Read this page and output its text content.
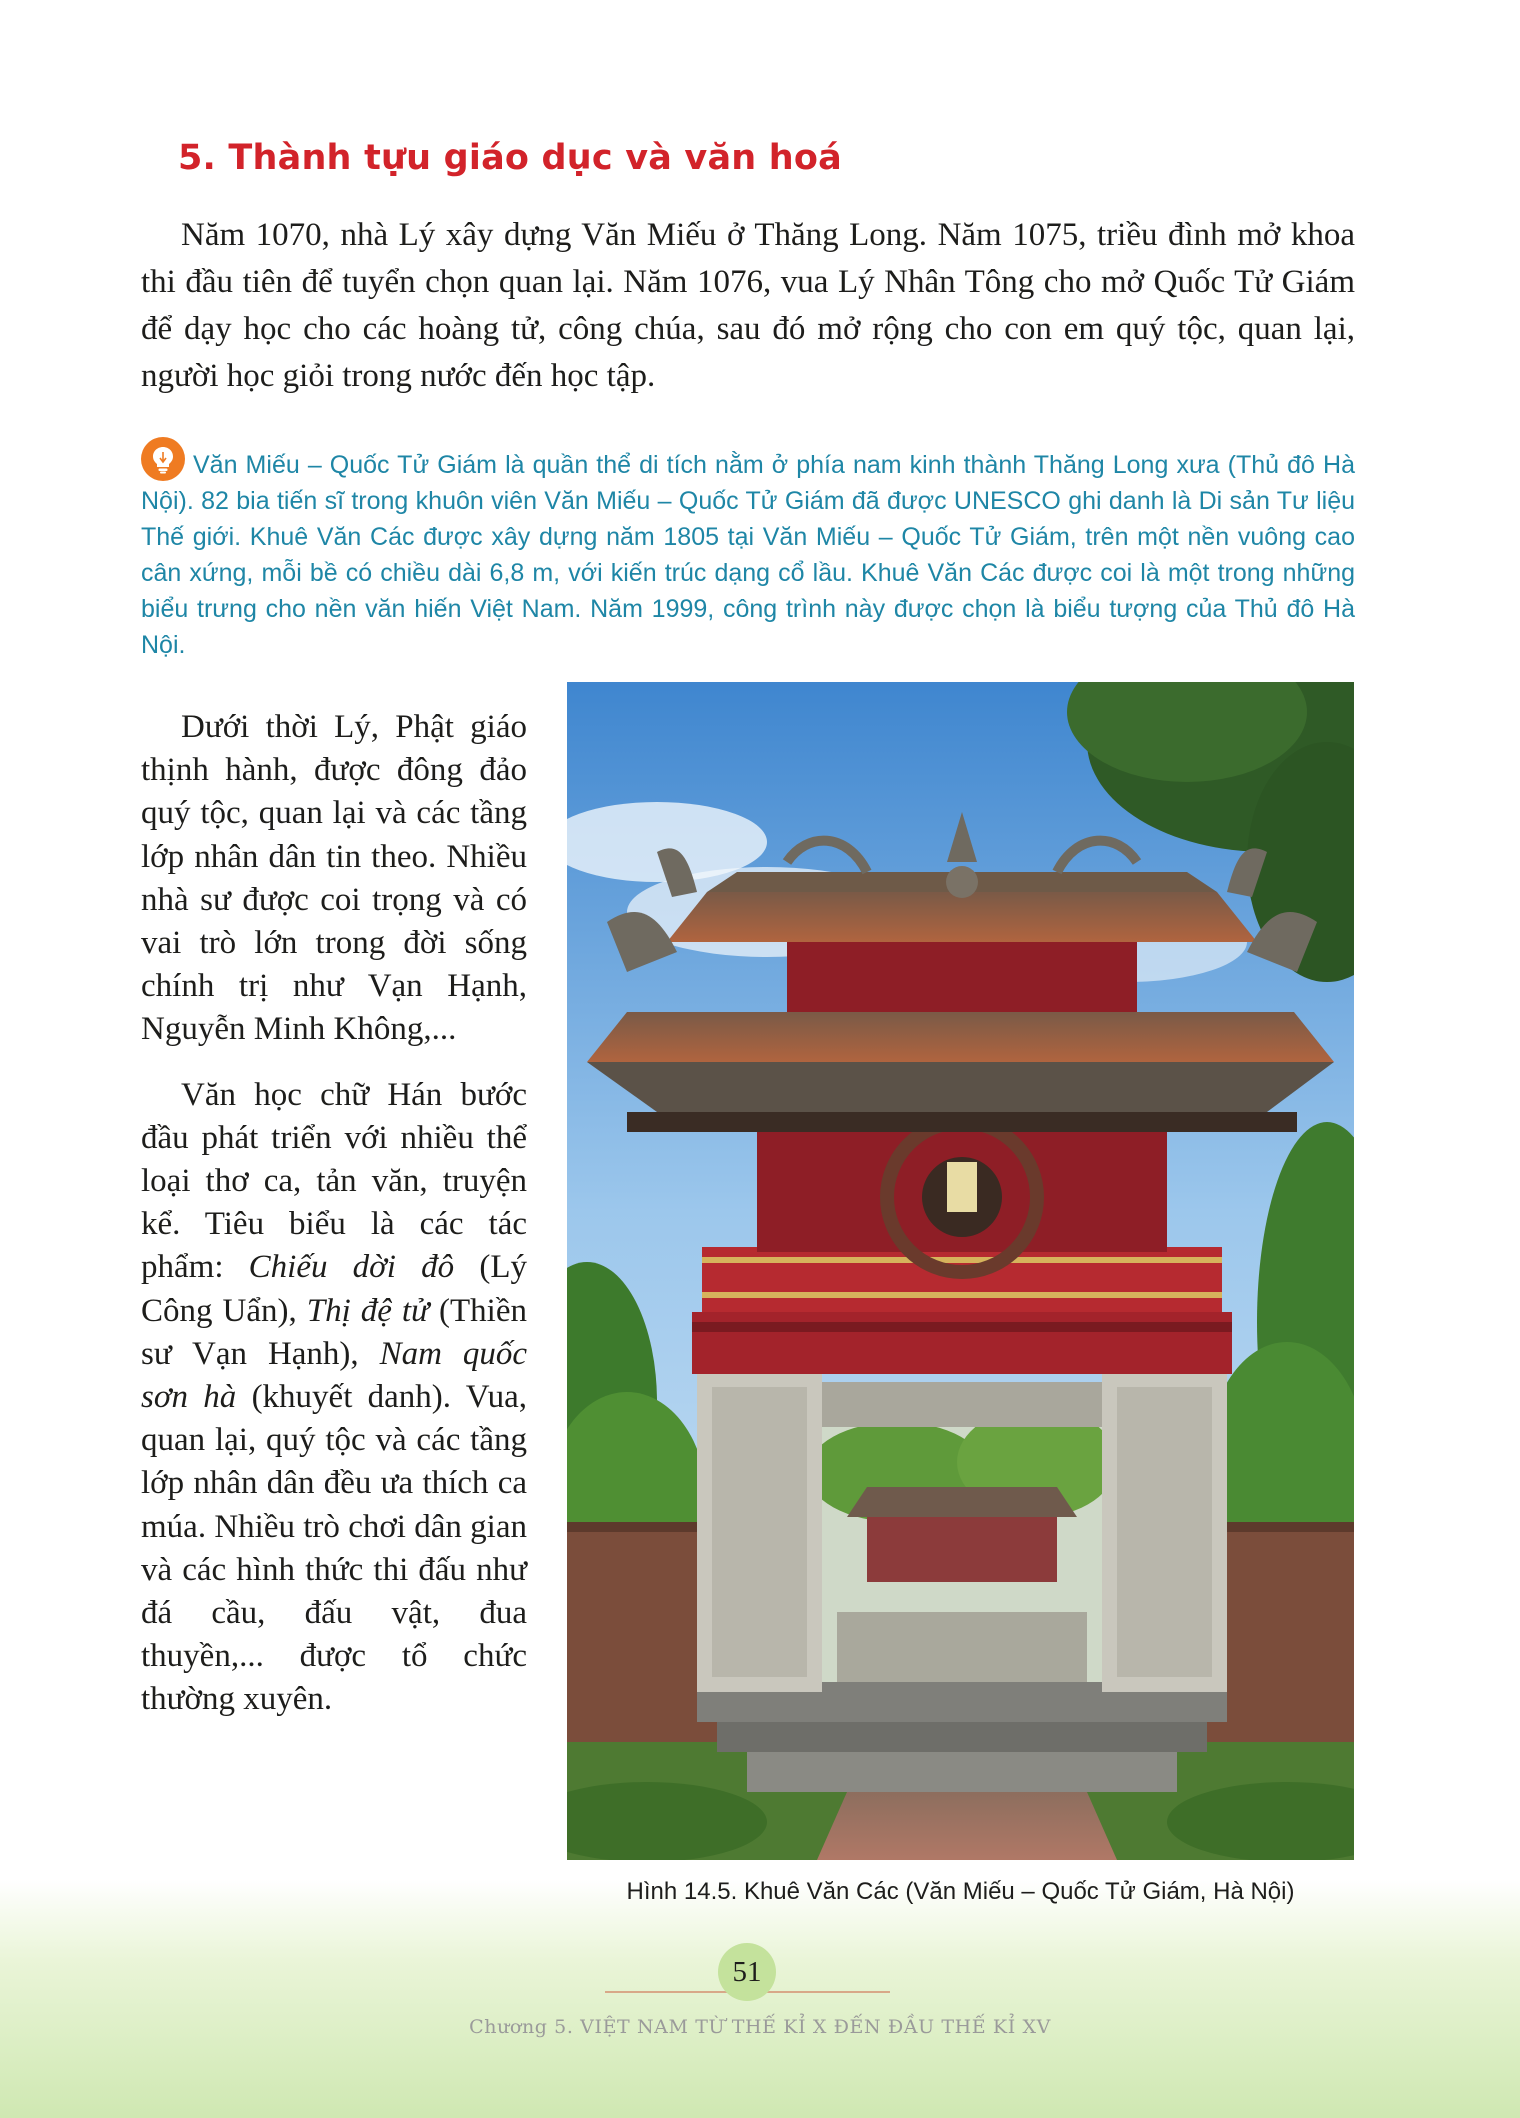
5. Thành tựu giáo dục và văn hoá

Năm 1070, nhà Lý xây dựng Văn Miếu ở Thăng Long. Năm 1075, triều đình mở khoa thi đầu tiên để tuyển chọn quan lại. Năm 1076, vua Lý Nhân Tông cho mở Quốc Tử Giám để dạy học cho các hoàng tử, công chúa, sau đó mở rộng cho con em quý tộc, quan lại, người học giỏi trong nước đến học tập.

Văn Miếu – Quốc Tử Giám là quần thể di tích nằm ở phía nam kinh thành Thăng Long xưa (Thủ đô Hà Nội). 82 bia tiến sĩ trong khuôn viên Văn Miếu – Quốc Tử Giám đã được UNESCO ghi danh là Di sản Tư liệu Thế giới. Khuê Văn Các được xây dựng năm 1805 tại Văn Miếu – Quốc Tử Giám, trên một nền vuông cao cân xứng, mỗi bề có chiều dài 6,8 m, với kiến trúc dạng cổ lầu. Khuê Văn Các được coi là một trong những biểu trưng cho nền văn hiến Việt Nam. Năm 1999, công trình này được chọn là biểu tượng của Thủ đô Hà Nội.

Dưới thời Lý, Phật giáo thịnh hành, được đông đảo quý tộc, quan lại và các tầng lớp nhân dân tin theo. Nhiều nhà sư được coi trọng và có vai trò lớn trong đời sống chính trị như Vạn Hạnh, Nguyễn Minh Không,...

Văn học chữ Hán bước đầu phát triển với nhiều thể loại thơ ca, tản văn, truyện kể. Tiêu biểu là các tác phẩm: Chiếu dời đô (Lý Công Uẩn), Thị đệ tử (Thiền sư Vạn Hạnh), Nam quốc sơn hà (khuyết danh). Vua, quan lại, quý tộc và các tầng lớp nhân dân đều ưa thích ca múa. Nhiều trò chơi dân gian và các hình thức thi đấu như đá cầu, đấu vật, đua thuyền,... được tổ chức thường xuyên.

Hình 14.5. Khuê Văn Các (Văn Miếu – Quốc Tử Giám, Hà Nội)
51
Chương 5. VIỆT NAM TỪ THẾ KỈ X ĐẾN ĐẦU THẾ KỈ XV
